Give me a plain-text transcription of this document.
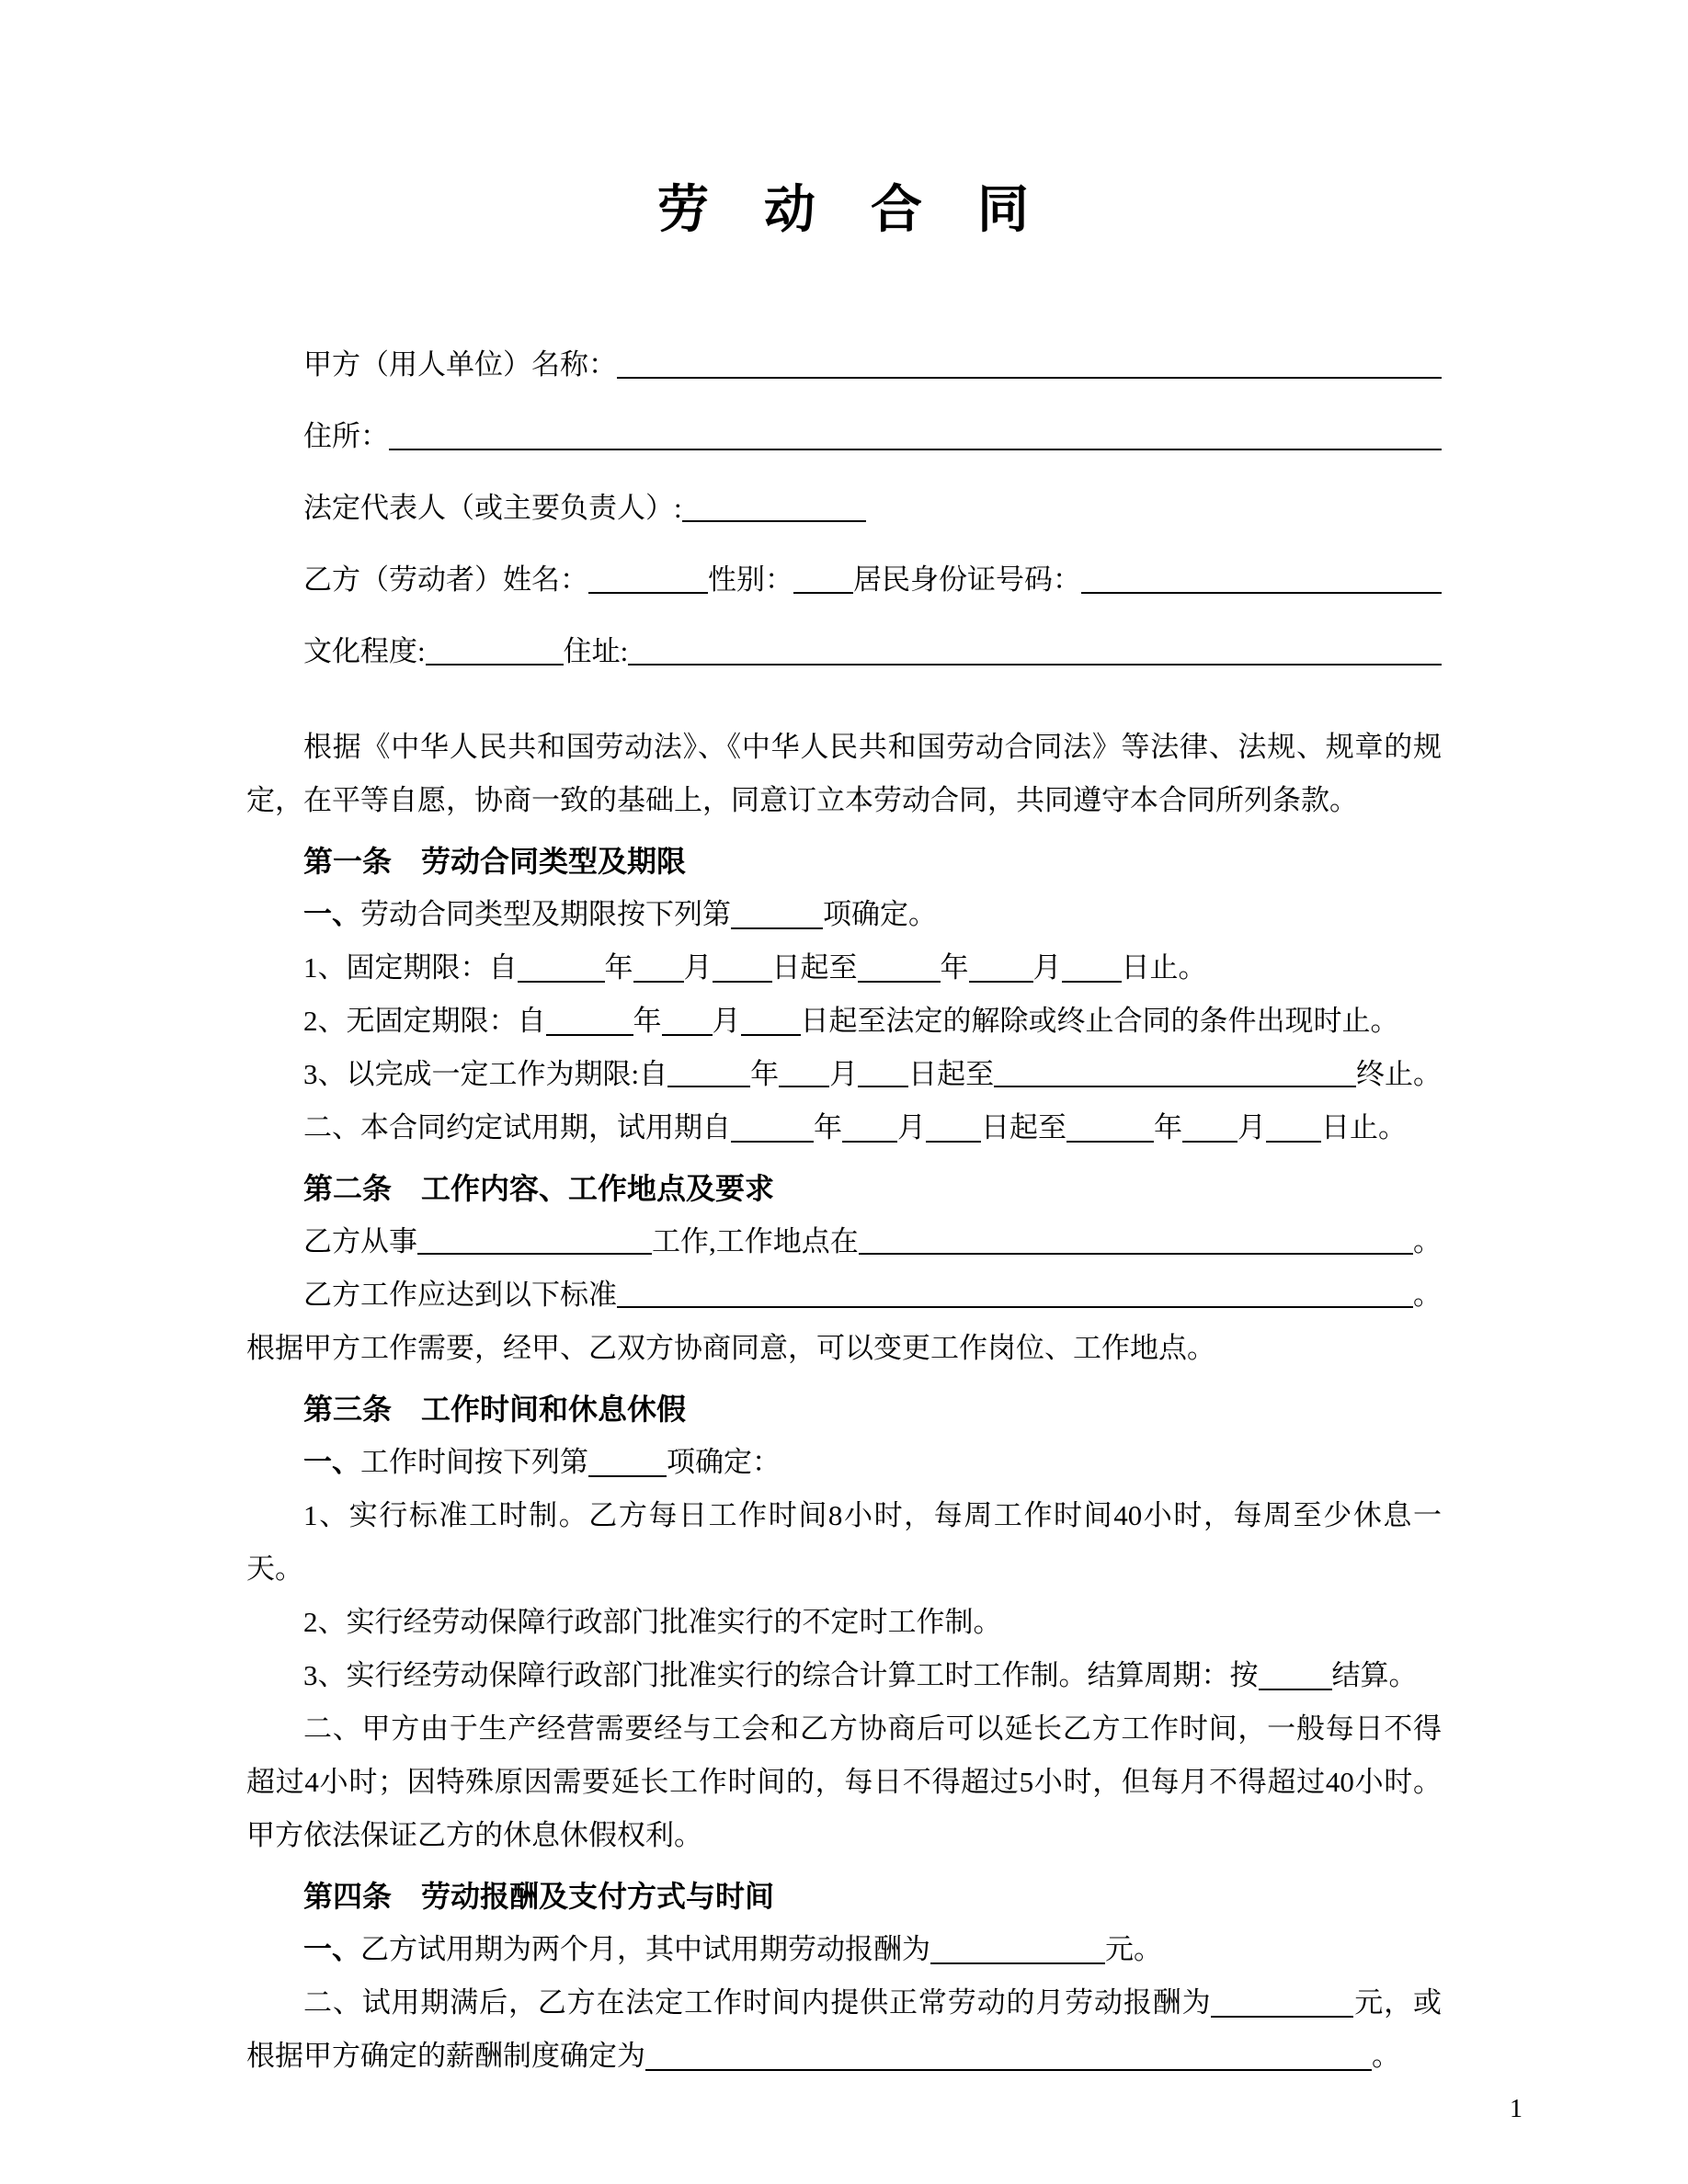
劳　动　合　同

甲方（用人单位）名称：

住所：

法定代表人（或主要负责人）:

乙方（劳动者）姓名：	性别： 居民身份证号码：

文化程度:	住址:

根据《中华人民共和国劳动法》、《中华人民共和国劳动合同法》等法律、法规、规章的规定，在平等自愿，协商一致的基础上，同意订立本劳动合同，共同遵守本合同所列条款。

第一条　劳动合同类型及期限

一、劳动合同类型及期限按下列第	项确定。

1、固定期限：自	年 月 日起至	年 月 日止。

2、无固定期限：自	年 月 日起至法定的解除或终止合同的条件出现时止。

3、以完成一定工作为期限:自	年 月 日起至	终止。

二、本合同约定试用期，试用期自	年 月 日起至	年 月 日止。

第二条　工作内容、工作地点及要求

乙方从事	工作,工作地点在	。

乙方工作应达到以下标准	。

根据甲方工作需要，经甲、乙双方协商同意，可以变更工作岗位、工作地点。

第三条　工作时间和休息休假

一、工作时间按下列第	项确定：

1、实行标准工时制。乙方每日工作时间8小时，每周工作时间40小时，每周至少休息一天。

2、实行经劳动保障行政部门批准实行的不定时工作制。

3、实行经劳动保障行政部门批准实行的综合计算工时工作制。结算周期：按	结算。

二、甲方由于生产经营需要经与工会和乙方协商后可以延长乙方工作时间，一般每日不得超过4小时；因特殊原因需要延长工作时间的，每日不得超过5小时，但每月不得超过40小时。甲方依法保证乙方的休息休假权利。

第四条　劳动报酬及支付方式与时间

一、乙方试用期为两个月，其中试用期劳动报酬为	元。

二、试用期满后，乙方在法定工作时间内提供正常劳动的月劳动报酬为	元，或根据甲方确定的薪酬制度确定为	。

1
